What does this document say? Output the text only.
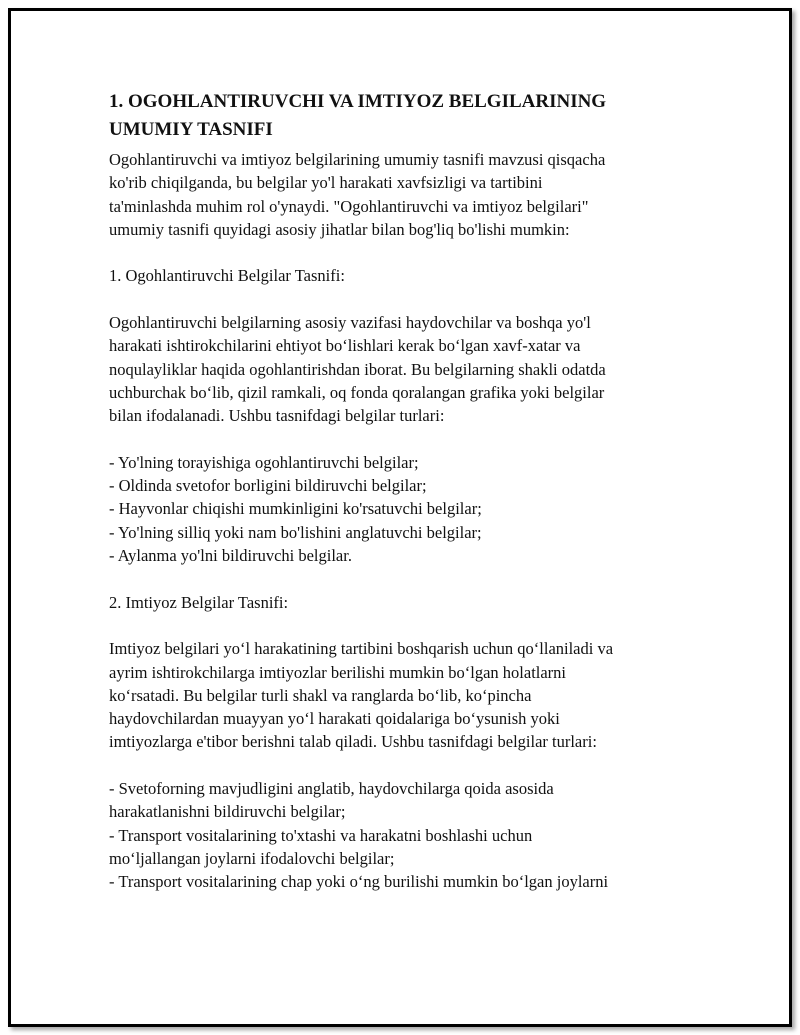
1. OGOHLANTIRUVCHI VA IMTIYOZ BELGILARINING
UMUMIY TASNIFI

Ogohlantiruvchi va imtiyoz belgilarining umumiy tasnifi mavzusi qisqacha
ko'rib chiqilganda, bu belgilar yo'l harakati xavfsizligi va tartibini
ta'minlashda muhim rol o'ynaydi. "Ogohlantiruvchi va imtiyoz belgilari"
umumiy tasnifi quyidagi asosiy jihatlar bilan bog'liq bo'lishi mumkin:

1. Ogohlantiruvchi Belgilar Tasnifi:

Ogohlantiruvchi belgilarning asosiy vazifasi haydovchilar va boshqa yo'l
harakati ishtirokchilarini ehtiyot boʻlishlari kerak boʻlgan xavf-xatar va
noqulayliklar haqida ogohlantirishdan iborat. Bu belgilarning shakli odatda
uchburchak boʻlib, qizil ramkali, oq fonda qoralangan grafika yoki belgilar
bilan ifodalanadi. Ushbu tasnifdagi belgilar turlari:

- Yo'lning torayishiga ogohlantiruvchi belgilar;
- Oldinda svetofor borligini bildiruvchi belgilar;
- Hayvonlar chiqishi mumkinligini ko'rsatuvchi belgilar;
- Yo'lning silliq yoki nam bo'lishini anglatuvchi belgilar;
- Aylanma yo'lni bildiruvchi belgilar.

2. Imtiyoz Belgilar Tasnifi:

Imtiyoz belgilari yoʻl harakatining tartibini boshqarish uchun qoʻllaniladi va
ayrim ishtirokchilarga imtiyozlar berilishi mumkin boʻlgan holatlarni
koʻrsatadi. Bu belgilar turli shakl va ranglarda boʻlib, koʻpincha
haydovchilardan muayyan yoʻl harakati qoidalariga boʻysunish yoki
imtiyozlarga e'tibor berishni talab qiladi. Ushbu tasnifdagi belgilar turlari:

- Svetoforning mavjudligini anglatib, haydovchilarga qoida asosida
harakatlanishni bildiruvchi belgilar;
- Transport vositalarining to'xtashi va harakatni boshlashi uchun
moʻljallangan joylarni ifodalovchi belgilar;
- Transport vositalarining chap yoki oʻng burilishi mumkin boʻlgan joylarni
